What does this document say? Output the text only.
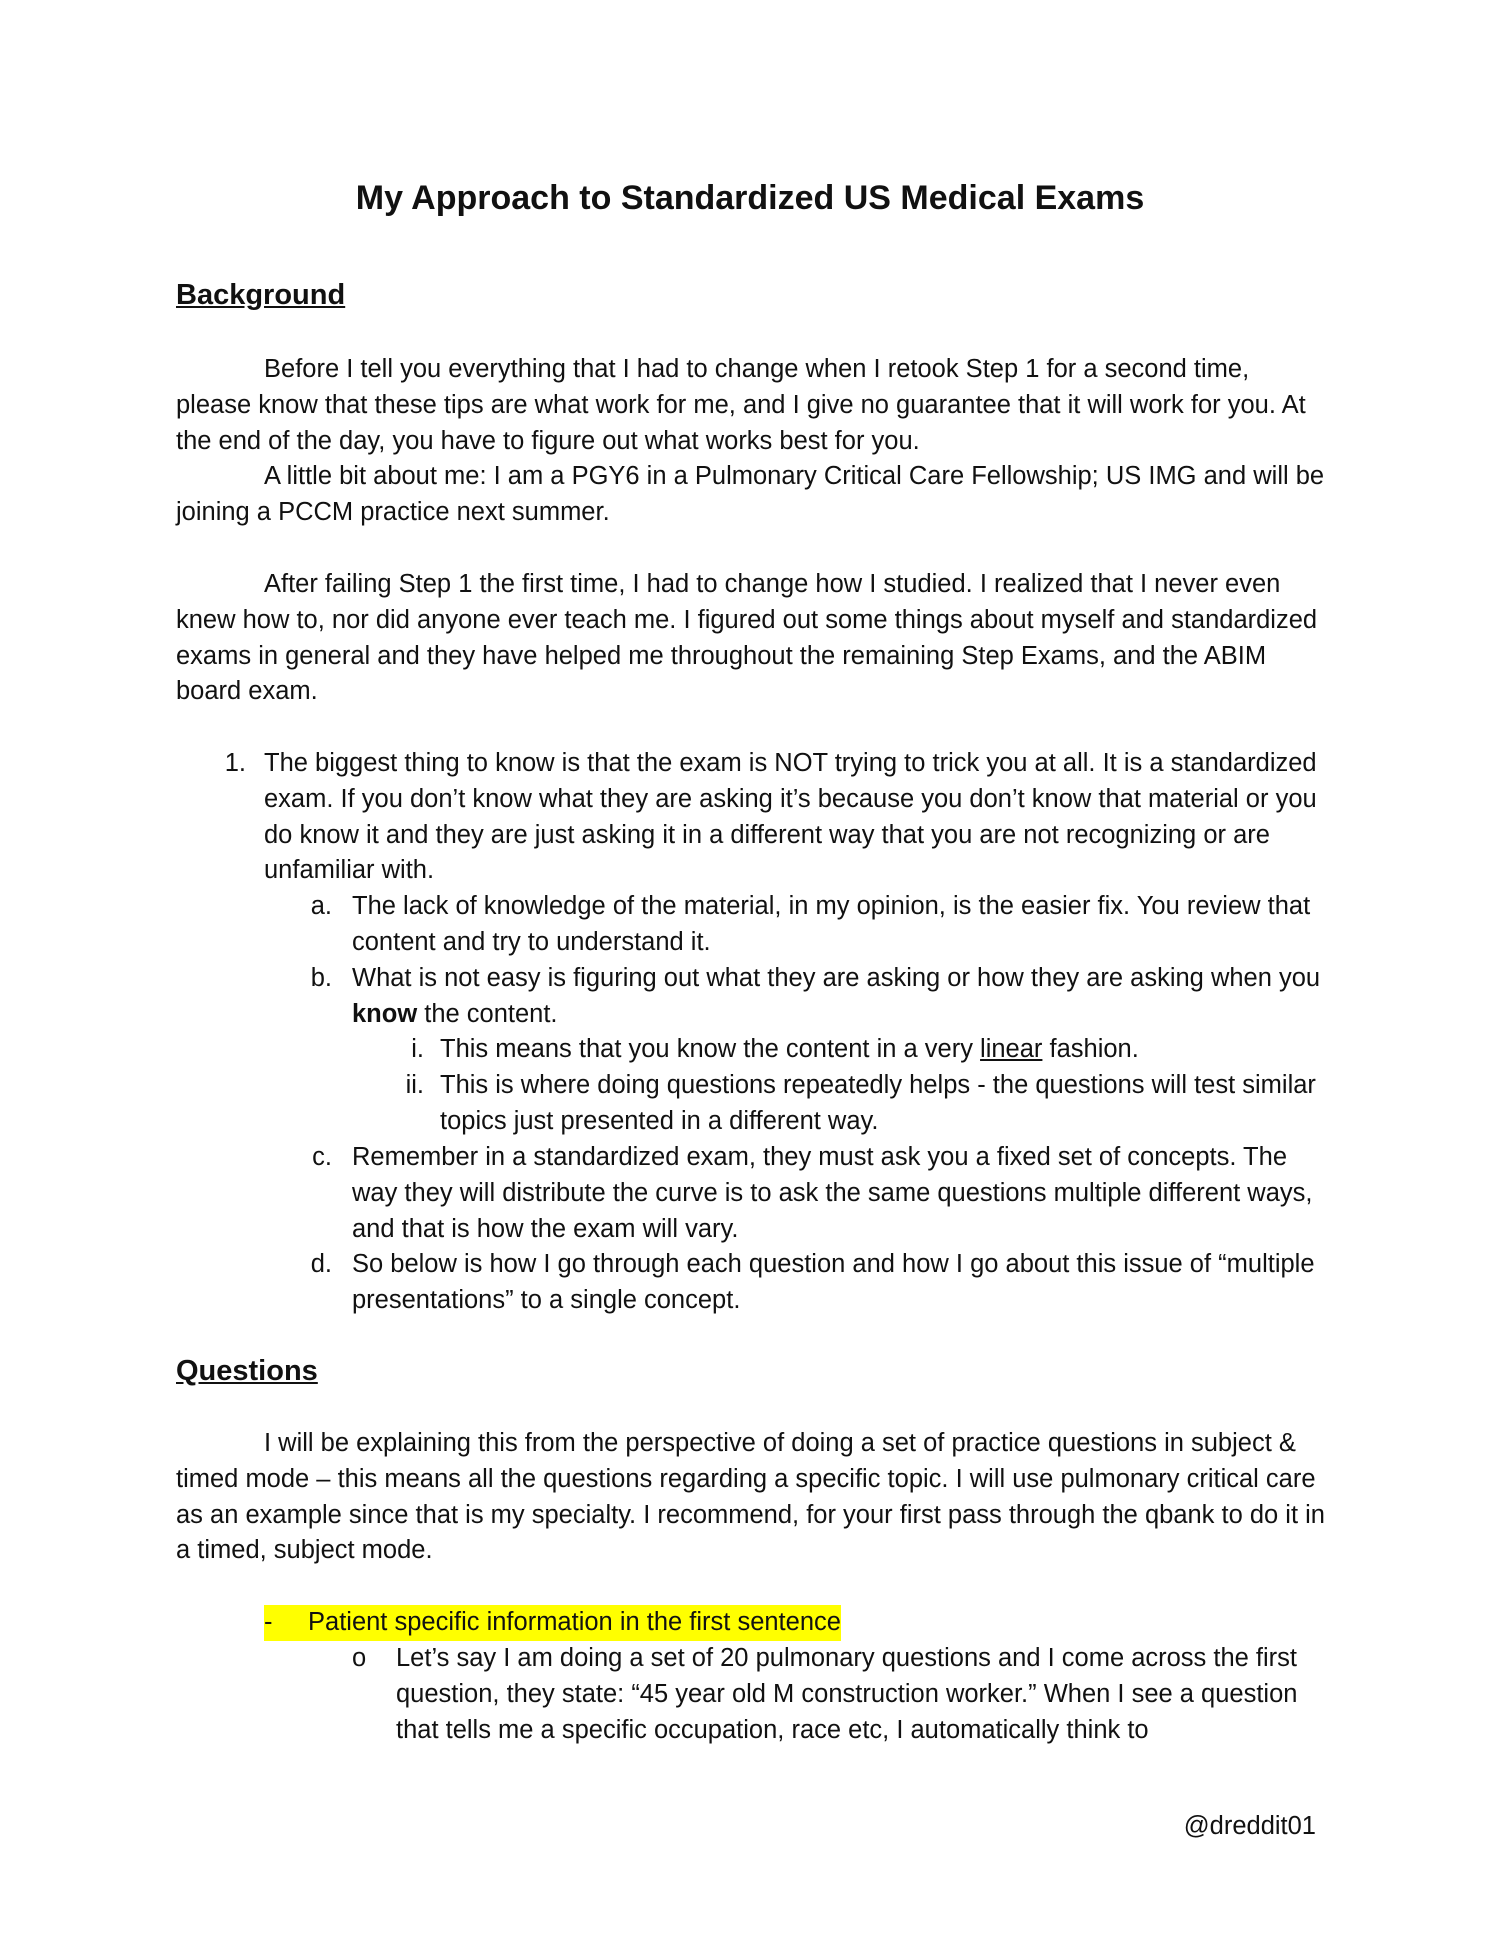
My Approach to Standardized US Medical Exams
Background

Before I tell you everything that I had to change when I retook Step 1 for a second time, please know that these tips are what work for me, and I give no guarantee that it will work for you. At the end of the day, you have to figure out what works best for you.

A little bit about me: I am a PGY6 in a Pulmonary Critical Care Fellowship; US IMG and will be joining a PCCM practice next summer.

After failing Step 1 the first time, I had to change how I studied. I realized that I never even knew how to, nor did anyone ever teach me. I figured out some things about myself and standardized exams in general and they have helped me throughout the remaining Step Exams, and the ABIM board exam.

1. The biggest thing to know is that the exam is NOT trying to trick you at all. It is a standardized exam. If you don’t know what they are asking it’s because you don’t know that material or you do know it and they are just asking it in a different way that you are not recognizing or are unfamiliar with.
a. The lack of knowledge of the material, in my opinion, is the easier fix. You review that content and try to understand it.
b. What is not easy is figuring out what they are asking or how they are asking when you know the content.
i. This means that you know the content in a very linear fashion.
ii. This is where doing questions repeatedly helps - the questions will test similar topics just presented in a different way.
c. Remember in a standardized exam, they must ask you a fixed set of concepts. The way they will distribute the curve is to ask the same questions multiple different ways, and that is how the exam will vary.
d. So below is how I go through each question and how I go about this issue of “multiple presentations” to a single concept.
Questions

I will be explaining this from the perspective of doing a set of practice questions in subject & timed mode – this means all the questions regarding a specific topic. I will use pulmonary critical care as an example since that is my specialty. I recommend, for your first pass through the qbank to do it in a timed, subject mode.

- Patient specific information in the first sentence
o Let’s say I am doing a set of 20 pulmonary questions and I come across the first question, they state: “45 year old M construction worker.” When I see a question that tells me a specific occupation, race etc, I automatically think to

@dreddit01
